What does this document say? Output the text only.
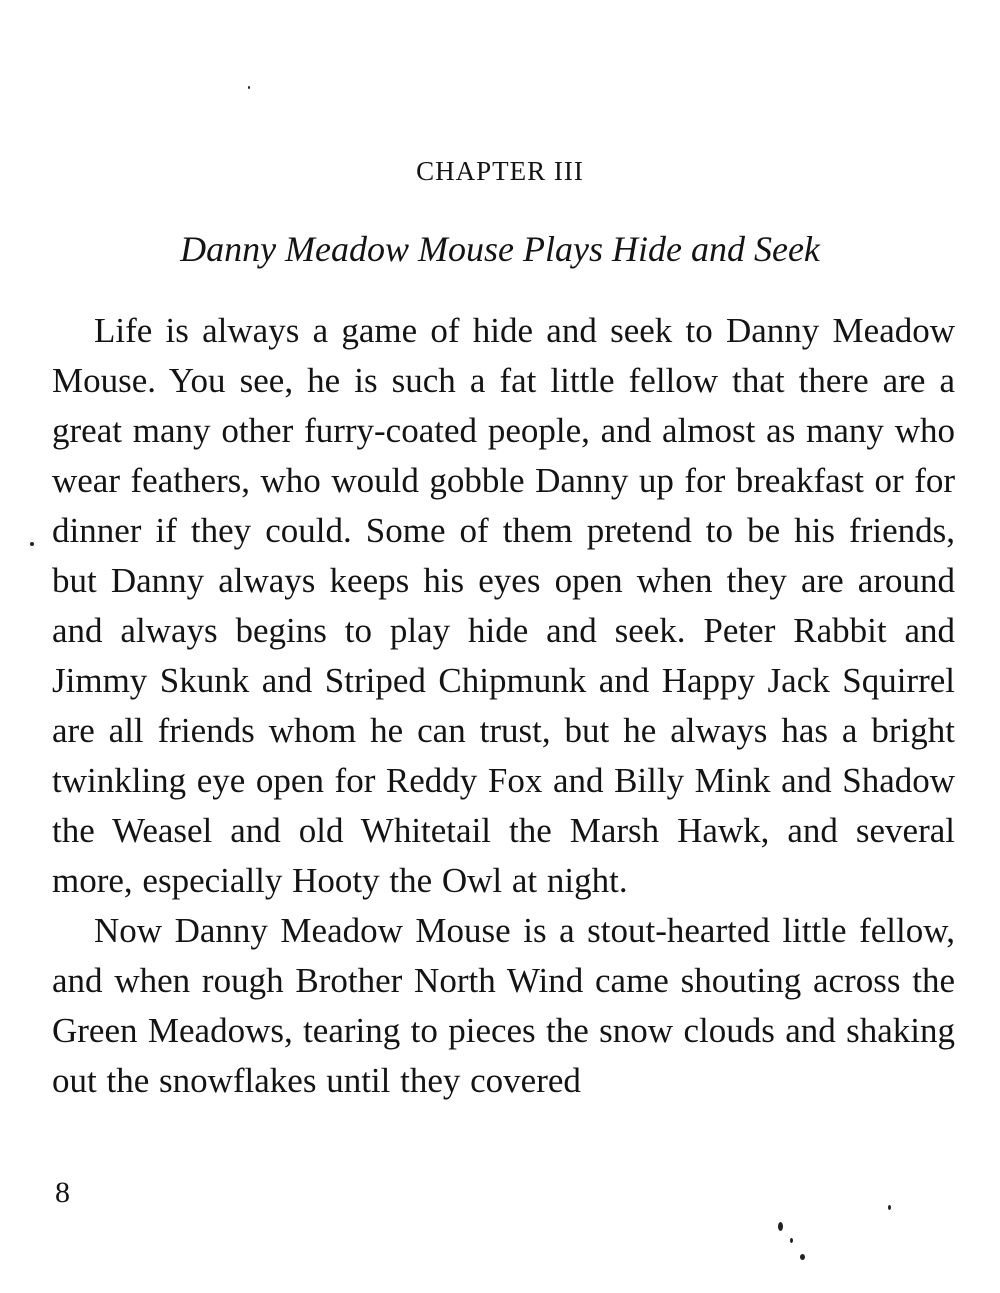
CHAPTER III
Danny Meadow Mouse Plays Hide and Seek

Life is always a game of hide and seek to Danny Meadow Mouse. You see, he is such a fat little fellow that there are a great many other furry-coated people, and almost as many who wear feathers, who would gobble Danny up for breakfast or for dinner if they could. Some of them pretend to be his friends, but Danny always keeps his eyes open when they are around and always begins to play hide and seek. Peter Rabbit and Jimmy Skunk and Striped Chipmunk and Happy Jack Squirrel are all friends whom he can trust, but he always has a bright twinkling eye open for Reddy Fox and Billy Mink and Shadow the Weasel and old Whitetail the Marsh Hawk, and several more, especially Hooty the Owl at night.

Now Danny Meadow Mouse is a stout-hearted little fellow, and when rough Brother North Wind came shouting across the Green Meadows, tearing to pieces the snow clouds and shaking out the snowflakes until they covered

8
